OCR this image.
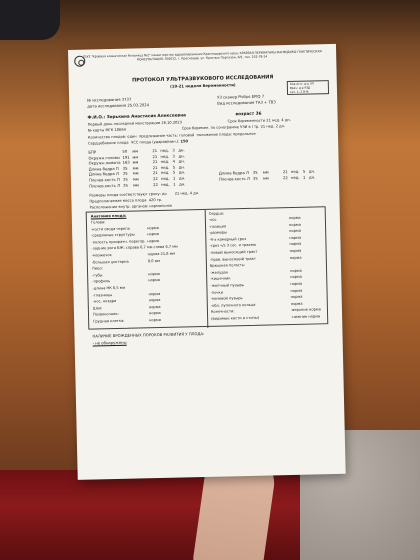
ГБУЗ "Краевая клиническая больница №2" министерства здравоохранения Краснодарского края, КРАЕВАЯ ПЕРИНАТАЛЬНАЯ МЕДИКО-ГЕНЕТИЧЕСКАЯ КОНСУЛЬТАЦИЯ, 350012, г. Краснодар, ул. Красных Партизан, 6/2, тел. 252-78-14
ПРОТОКОЛ УЛЬТРАЗВУКОВОГО ИССЛЕДОВАНИЯ
(19-21 неделя беременности)	Код исп.: д-р ЗЛ
Врач: д-р УЗД
кат. 1, 2 В-Ф
№ исследования 3737
дата исследования 25.03.2024
УЗ сканер Philips EPIQ 7
Вид исследования ТАЗ + ТВЗ
Ф.И.О.: Зорькина Анастасия Алексеевна	возраст 36
Первый день последней менструации 26.10.2023	Срок беременности 21 нед. 4 дн.
№ карты МГК 10664	Срок беремен. по сонограмме УЗИ в I тр. 21 нед. 2 дн.
Количество плодов: один предлежание часть: головой положение плода: продольное
Сердцебиение плода ЧСС плода (ударов/мин.): 150
БПР	50 мм	21 нед. 3 дн.
Окружн.головы 191 мм	21 нед. 3 дн.
Окружн.живота 163 мм	21 нед. 4 дн.
Длина бедра П 35 мм	21 нед. 5 дн.
Длина бедра Л 35 мм	21 нед. 5 дн.
Плечев.кость П 35 мм	22 нед. 1 дн.
Плечев.кость Л 35 мм	22 нед. 1 дн.
Длина бедра Л 35 мм	21 нед. 5 дн.
Плечев.кость Л 35 мм	22 нед. 1 дн.
Размеры плода соответствуют сроку: до 21 нед. 4 дн.
Предполагаемая масса плода 420 гр.
Расположение внутр. органов: нормальное
Анатомия плода:
Голова:
-кости свода черепа	норма
-срединные структуры	норма
-полость прозрачн. перегор. норма
-задние рога БЖ: справа 6,7 мм слева 6,7 мм
-мозжечок	норма 21,8 мм
-большая цистерна	8,0 мм
Лицо:
-губы	норма
-профиль	норма
-длина НК 6,5 мм
-глазницы	норма
-нос, ноздри	норма
Шея:	норма
Позвоночник:	норма
Грудная клетка:	норма
Сердце:
-ось	норма
-позиция	норма
-размеры	норма
-4-х камерный срез	норма
-срез ч/з 3 сос. и трахею	норма
-левый выносящий тракт	норма
-прав. выносящий тракт	норма
Брюшная полость:
-желудок	норма
-кишечник	норма
-желчный пузырь	норма
-почки	норма
-мочевой пузырь	норма
-обл. пупочного кольца	норма
Конечности:	-верхние норма
(видимые кисти и стопы)	-нижние норма
НАЛИЧИЕ ВРОЖДЕННЫХ ПОРОКОВ РАЗВИТИЯ У ПЛОДА:
- не обнаружены
